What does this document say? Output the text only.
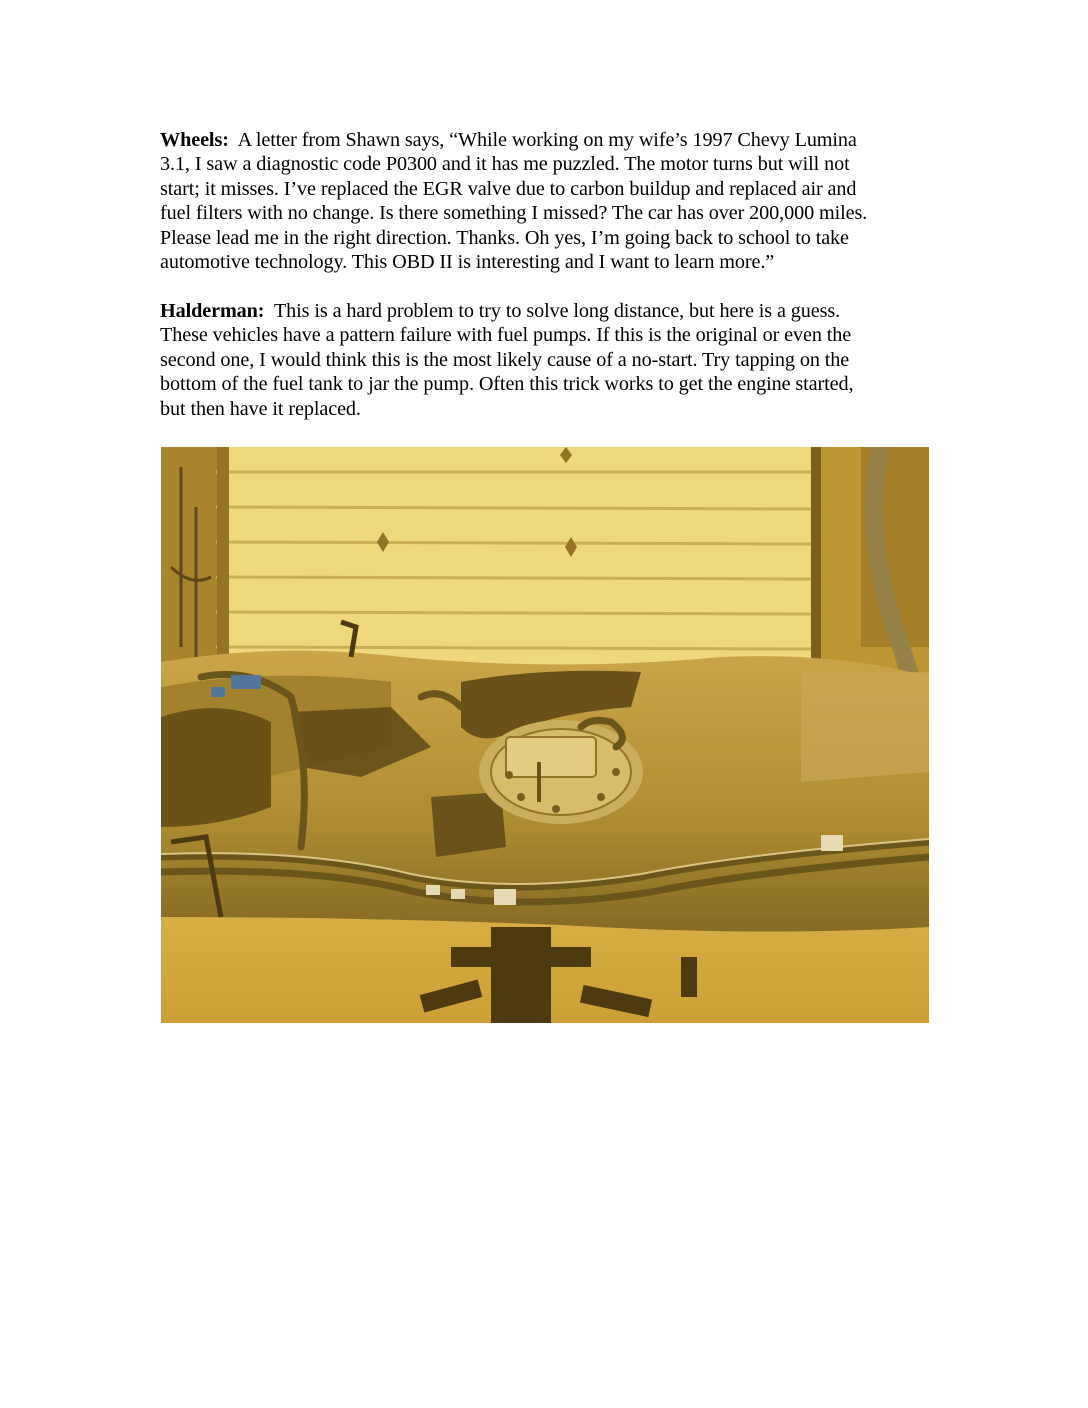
Wheels: A letter from Shawn says, “While working on my wife’s 1997 Chevy Lumina
3.1, I saw a diagnostic code P0300 and it has me puzzled. The motor turns but will not
start; it misses. I’ve replaced the EGR valve due to carbon buildup and replaced air and
fuel filters with no change. Is there something I missed? The car has over 200,000 miles.
Please lead me in the right direction. Thanks. Oh yes, I’m going back to school to take
automotive technology. This OBD II is interesting and I want to learn more.”
Halderman: This is a hard problem to try to solve long distance, but here is a guess.
These vehicles have a pattern failure with fuel pumps. If this is the original or even the
second one, I would think this is the most likely cause of a no-start. Try tapping on the
bottom of the fuel tank to jar the pump. Often this trick works to get the engine started,
but then have it replaced.
